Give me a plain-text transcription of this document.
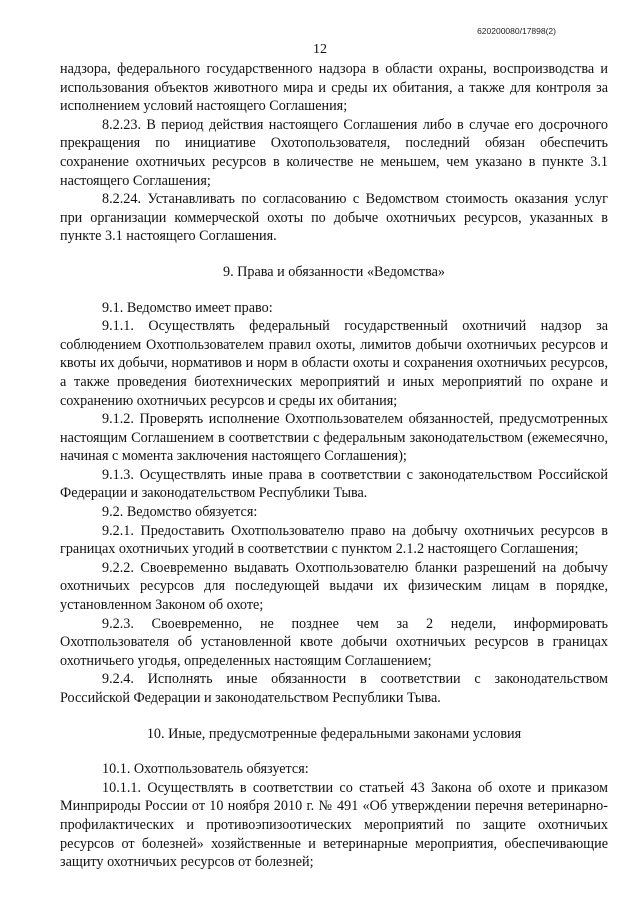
620200080/17898(2)
12

надзора, федерального государственного надзора в области охраны, воспроизводства и использования объектов животного мира и среды их обитания, а также для контроля за исполнением условий настоящего Соглашения;

8.2.23. В период действия настоящего Соглашения либо в случае его досрочного прекращения по инициативе Охотопользователя, последний обязан обеспечить сохранение охотничьих ресурсов в количестве не меньшем, чем указано в пункте 3.1 настоящего Соглашения;

8.2.24. Устанавливать по согласованию с Ведомством стоимость оказания услуг при организации коммерческой охоты по добыче охотничьих ресурсов, указанных в пункте 3.1 настоящего Соглашения.

9. Права и обязанности «Ведомства»

9.1. Ведомство имеет право:

9.1.1. Осуществлять федеральный государственный охотничий надзор за соблюдением Охотпользователем правил охоты, лимитов добычи охотничьих ресурсов и квоты их добычи, нормативов и норм в области охоты и сохранения охотничьих ресурсов, а также проведения биотехнических мероприятий и иных мероприятий по охране и сохранению охотничьих ресурсов и среды их обитания;

9.1.2. Проверять исполнение Охотпользователем обязанностей, предусмотренных настоящим Соглашением в соответствии с федеральным законодательством (ежемесячно, начиная с момента заключения настоящего Соглашения);

9.1.3. Осуществлять иные права в соответствии с законодательством Российской Федерации и законодательством Республики Тыва.

9.2. Ведомство обязуется:

9.2.1. Предоставить Охотпользователю право на добычу охотничьих ресурсов в границах охотничьих угодий в соответствии с пунктом 2.1.2 настоящего Соглашения;

9.2.2. Своевременно выдавать Охотпользователю бланки разрешений на добычу охотничьих ресурсов для последующей выдачи их физическим лицам в порядке, установленном Законом об охоте;

9.2.3. Своевременно, не позднее чем за 2 недели, информировать Охотпользователя об установленной квоте добычи охотничьих ресурсов в границах охотничьего угодья, определенных настоящим Соглашением;

9.2.4. Исполнять иные обязанности в соответствии с законодательством Российской Федерации и законодательством Республики Тыва.

10. Иные, предусмотренные федеральными законами условия

10.1. Охотпользователь обязуется:

10.1.1. Осуществлять в соответствии со статьей 43 Закона об охоте и приказом Минприроды России от 10 ноября 2010 г. № 491 «Об утверждении перечня ветеринарно-профилактических и противоэпизоотических мероприятий по защите охотничьих ресурсов от болезней» хозяйственные и ветеринарные мероприятия, обеспечивающие защиту охотничьих ресурсов от болезней;
